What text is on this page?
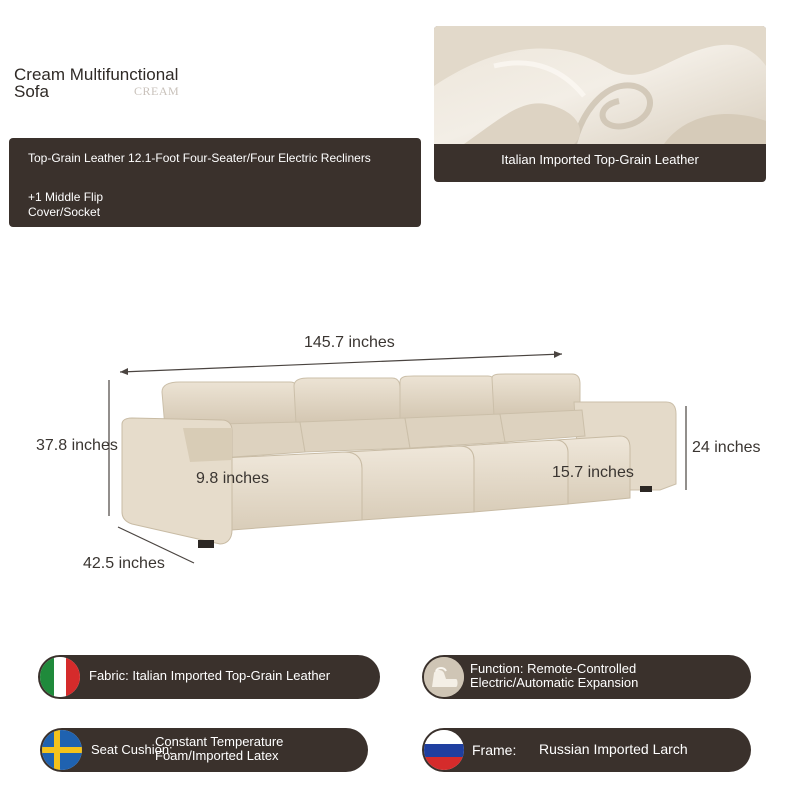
Cream Multifunctional
Sofa	CREAM
Top-Grain Leather 12.1-Foot Four-Seater/Four Electric Recliners
+1 Middle Flip
Cover/Socket
Italian Imported Top-Grain Leather
145.7 inches
37.8 inches	24 inches
9.8 inches	15.7 inches
42.5 inches
Fabric: Italian Imported Top-Grain Leather	Function: Remote-Controlled
Electric/Automatic Expansion
Seat Cushion:
Constant Temperature
Foam/Imported Latex	Frame: Russian Imported Larch
